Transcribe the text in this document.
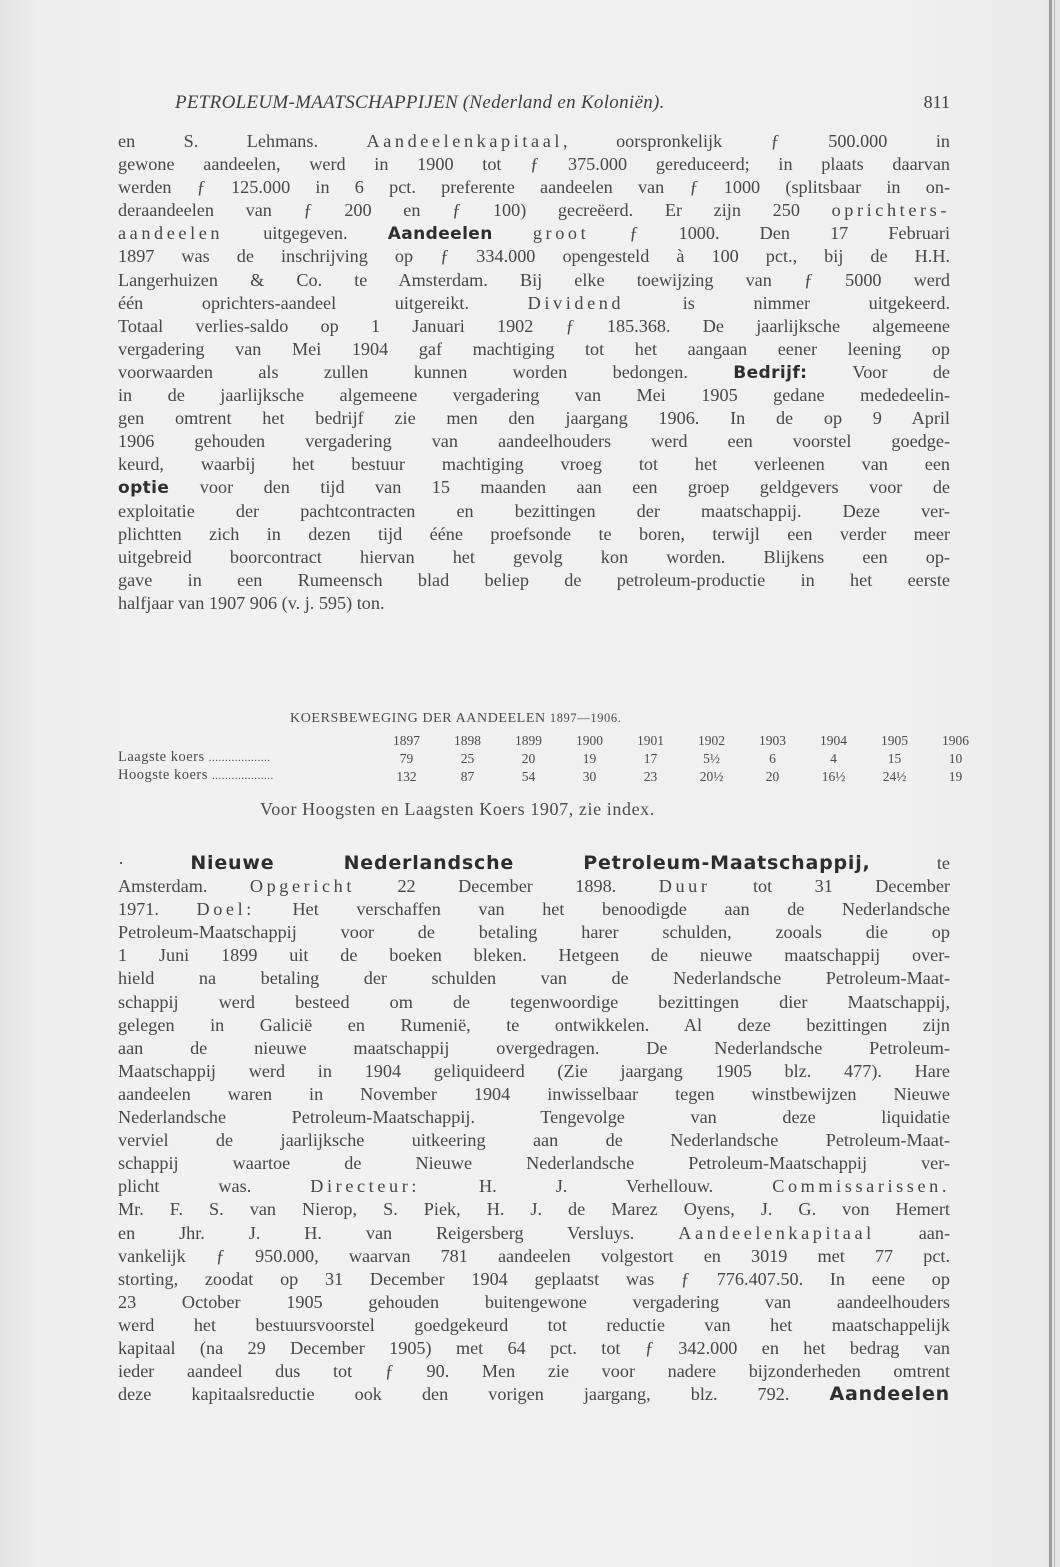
PETROLEUM-MAATSCHAPPIJEN (Nederland en Koloniën).	811
en S. Lehmans. Aandeelenkapitaal, oorspronkelijk ƒ 500.000 in
gewone aandeelen, werd in 1900 tot ƒ 375.000 gereduceerd; in plaats daarvan
werden ƒ 125.000 in 6 pct. preferente aandeelen van ƒ 1000 (splitsbaar in on-
deraandeelen van ƒ 200 en ƒ 100) gecreëerd. Er zijn 250 oprichters-
aandeelen uitgegeven. Aandeelen groot ƒ 1000. Den 17 Februari
1897 was de inschrijving op ƒ 334.000 opengesteld à 100 pct., bij de H.H.
Langerhuizen & Co. te Amsterdam. Bij elke toewijzing van ƒ 5000 werd
één oprichters-aandeel uitgereikt. Dividend is nimmer uitgekeerd.
Totaal verlies-saldo op 1 Januari 1902 ƒ 185.368. De jaarlijksche algemeene
vergadering van Mei 1904 gaf machtiging tot het aangaan eener leening op
voorwaarden als zullen kunnen worden bedongen. Bedrijf: Voor de
in de jaarlijksche algemeene vergadering van Mei 1905 gedane mededeelin-
gen omtrent het bedrijf zie men den jaargang 1906. In de op 9 April
1906 gehouden vergadering van aandeelhouders werd een voorstel goedge-
keurd, waarbij het bestuur machtiging vroeg tot het verleenen van een
optie voor den tijd van 15 maanden aan een groep geldgevers voor de
exploitatie der pachtcontracten en bezittingen der maatschappij. Deze ver-
plichtten zich in dezen tijd ééne proefsonde te boren, terwijl een verder meer
uitgebreid boorcontract hiervan het gevolg kon worden. Blijkens een op-
gave in een Rumeensch blad beliep de petroleum-productie in het eerste
halfjaar van 1907 906 (v. j. 595) ton.
KOERSBEWEGING DER AANDEELEN 1897—1906.
	1897	1898	1899	1900	1901	1902	1903	1904	1905	1906
Laagste koers ...................	79	25	20	19	17	5½	6	4	15	10
Hoogste koers ...................	132	87	54	30	23	20½	20	16½	24½	19
Voor Hoogsten en Laagsten Koers 1907, zie index.
· Nieuwe Nederlandsche Petroleum-Maatschappij, te
Amsterdam. Opgericht 22 December 1898. Duur tot 31 December
1971. Doel: Het verschaffen van het benoodigde aan de Nederlandsche
Petroleum-Maatschappij voor de betaling harer schulden, zooals die op
1 Juni 1899 uit de boeken bleken. Hetgeen de nieuwe maatschappij over-
hield na betaling der schulden van de Nederlandsche Petroleum-Maat-
schappij werd besteed om de tegenwoordige bezittingen dier Maatschappij,
gelegen in Galicië en Rumenië, te ontwikkelen. Al deze bezittingen zijn
aan de nieuwe maatschappij overgedragen. De Nederlandsche Petroleum-
Maatschappij werd in 1904 geliquideerd (Zie jaargang 1905 blz. 477). Hare
aandeelen waren in November 1904 inwisselbaar tegen winstbewijzen Nieuwe
Nederlandsche Petroleum-Maatschappij. Tengevolge van deze liquidatie
verviel de jaarlijksche uitkeering aan de Nederlandsche Petroleum-Maat-
schappij waartoe de Nieuwe Nederlandsche Petroleum-Maatschappij ver-
plicht was. Directeur: H. J. Verhellouw. Commissarissen.
Mr. F. S. van Nierop, S. Piek, H. J. de Marez Oyens, J. G. von Hemert
en Jhr. J. H. van Reigersberg Versluys. Aandeelenkapitaal aan-
vankelijk ƒ 950.000, waarvan 781 aandeelen volgestort en 3019 met 77 pct.
storting, zoodat op 31 December 1904 geplaatst was ƒ 776.407.50. In eene op
23 October 1905 gehouden buitengewone vergadering van aandeelhouders
werd het bestuursvoorstel goedgekeurd tot reductie van het maatschappelijk
kapitaal (na 29 December 1905) met 64 pct. tot ƒ 342.000 en het bedrag van
ieder aandeel dus tot ƒ 90. Men zie voor nadere bijzonderheden omtrent
deze kapitaalsreductie ook den vorigen jaargang, blz. 792. Aandeelen
